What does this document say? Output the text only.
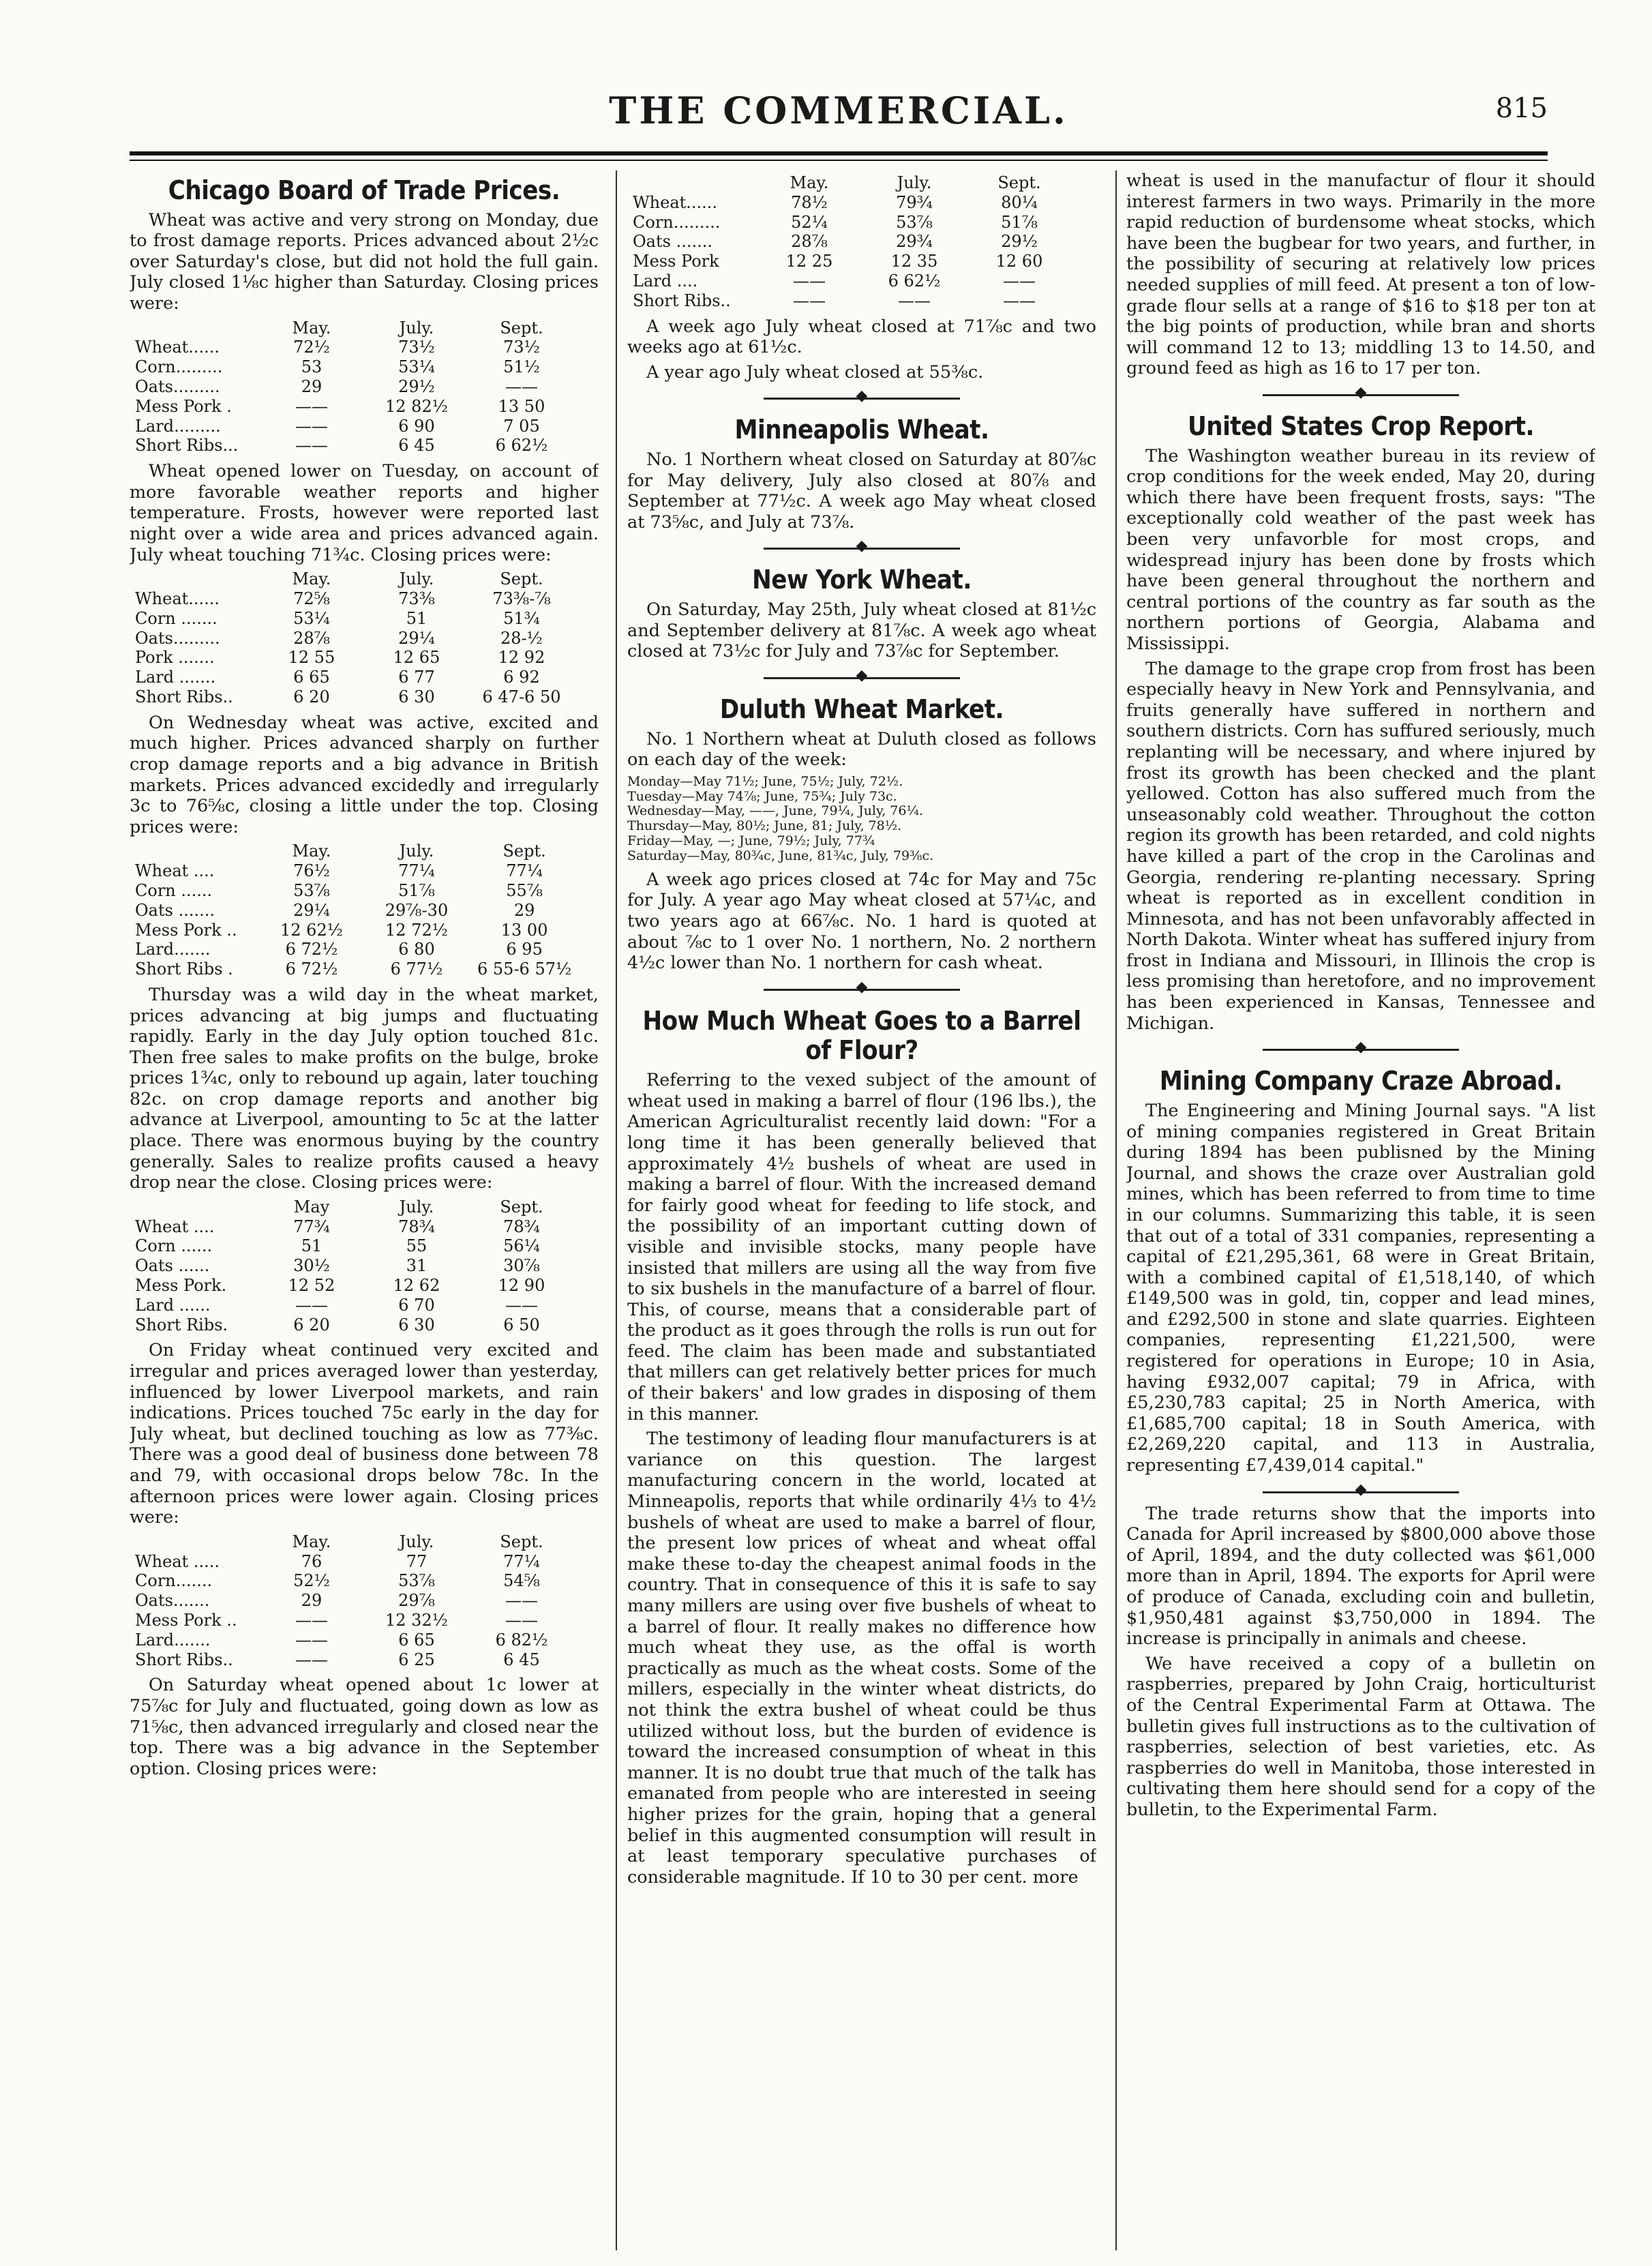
THE COMMERCIAL.	815
Chicago Board of Trade Prices.

Wheat was active and very strong on Monday, due to frost damage reports. Prices advanced about 2½c over Saturday's close, but did not hold the full gain. July closed 1⅛c higher than Saturday. Closing prices were:

	May.	July.	Sept.
Wheat......	72½	73½	73½
Corn.........	53	53¼	51½
Oats.........	29	29½	——
Mess Pork .	——	12 82½	13 50
Lard.........	——	6 90	7 05
Short Ribs...	——	6 45	6 62½

Wheat opened lower on Tuesday, on account of more favorable weather reports and higher temperature. Frosts, however were reported last night over a wide area and prices advanced again. July wheat touching 71¾c. Closing prices were:

	May.	July.	Sept.
Wheat......	72⅝	73⅜	73⅜-⅞
Corn .......	53¼	51	51¾
Oats.........	28⅞	29¼	28-½
Pork .......	12 55	12 65	12 92
Lard .......	6 65	6 77	6 92
Short Ribs..	6 20	6 30	6 47-6 50

On Wednesday wheat was active, excited and much higher. Prices advanced sharply on further crop damage reports and a big advance in British markets. Prices advanced excidedly and irregularly 3c to 76⅝c, closing a little under the top. Closing prices were:

	May.	July.	Sept.
Wheat ....	76½	77¼	77¼
Corn ......	53⅞	51⅞	55⅞
Oats .......	29¼	29⅞-30	29
Mess Pork ..	12 62½	12 72½	13 00
Lard.......	6 72½	6 80	6 95
Short Ribs .	6 72½	6 77½	6 55-6 57½

Thursday was a wild day in the wheat market, prices advancing at big jumps and fluctuating rapidly. Early in the day July option touched 81c. Then free sales to make profits on the bulge, broke prices 1¾c, only to rebound up again, later touching 82c. on crop damage reports and another big advance at Liverpool, amounting to 5c at the latter place. There was enormous buying by the country generally. Sales to realize profits caused a heavy drop near the close. Closing prices were:

	May	July.	Sept.
Wheat ....	77¾	78¾	78¾
Corn ......	51	55	56¼
Oats ......	30½	31	30⅞
Mess Pork.	12 52	12 62	12 90
Lard ......	——	6 70	——
Short Ribs.	6 20	6 30	6 50

On Friday wheat continued very excited and irregular and prices averaged lower than yesterday, influenced by lower Liverpool markets, and rain indications. Prices touched 75c early in the day for July wheat, but declined touching as low as 77⅜c. There was a good deal of business done between 78 and 79, with occasional drops below 78c. In the afternoon prices were lower again. Closing prices were:

	May.	July.	Sept.
Wheat .....	76	77	77¼
Corn.......	52½	53⅞	54⅝
Oats.......	29	29⅞	——
Mess Pork ..	——	12 32½	——
Lard.......	——	6 65	6 82½
Short Ribs..	——	6 25	6 45

On Saturday wheat opened about 1c lower at 75⅞c for July and fluctuated, going down as low as 71⅝c, then advanced irregularly and closed near the top. There was a big advance in the September option. Closing prices were:

	May.	July.	Sept.
Wheat......	78½	79¾	80¼
Corn.........	52¼	53⅞	51⅞
Oats .......	28⅞	29¾	29½
Mess Pork	12 25	12 35	12 60
Lard ....	——	6 62½	——
Short Ribs..	——	——	——

A week ago July wheat closed at 71⅞c and two weeks ago at 61½c.

A year ago July wheat closed at 55⅜c.

◆
Minneapolis Wheat.

No. 1 Northern wheat closed on Saturday at 80⅞c for May delivery, July also closed at 80⅞ and September at 77½c. A week ago May wheat closed at 73⅝c, and July at 73⅞.

◆
New York Wheat.

On Saturday, May 25th, July wheat closed at 81½c and September delivery at 81⅞c. A week ago wheat closed at 73½c for July and 73⅞c for September.

◆
Duluth Wheat Market.

No. 1 Northern wheat at Duluth closed as follows on each day of the week:

Monday—May 71½; June, 75½; July, 72½.
Tuesday—May 74⅞; June, 75¾; July 73c.
Wednesday—May, ——, June, 79¼, July, 76¼.
Thursday—May, 80½; June, 81; July, 78½.
Friday—May, —; June, 79½; July, 77¾
Saturday—May, 80¾c, June, 81¾c, July, 79⅜c.

A week ago prices closed at 74c for May and 75c for July. A year ago May wheat closed at 57¼c, and two years ago at 66⅞c. No. 1 hard is quoted at about ⅞c to 1 over No. 1 northern, No. 2 northern 4½c lower than No. 1 northern for cash wheat.

◆
How Much Wheat Goes to a Barrel of Flour?

Referring to the vexed subject of the amount of wheat used in making a barrel of flour (196 lbs.), the American Agriculturalist recently laid down: "For a long time it has been generally believed that approximately 4½ bushels of wheat are used in making a barrel of flour. With the increased demand for fairly good wheat for feeding to life stock, and the possibility of an important cutting down of visible and invisible stocks, many people have insisted that millers are using all the way from five to six bushels in the manufacture of a barrel of flour. This, of course, means that a considerable part of the product as it goes through the rolls is run out for feed. The claim has been made and substantiated that millers can get relatively better prices for much of their bakers' and low grades in disposing of them in this manner.

The testimony of leading flour manufacturers is at variance on this question. The largest manufacturing concern in the world, located at Minneapolis, reports that while ordinarily 4⅓ to 4½ bushels of wheat are used to make a barrel of flour, the present low prices of wheat and wheat offal make these to-day the cheapest animal foods in the country. That in consequence of this it is safe to say many millers are using over five bushels of wheat to a barrel of flour. It really makes no difference how much wheat they use, as the offal is worth practically as much as the wheat costs. Some of the millers, especially in the winter wheat districts, do not think the extra bushel of wheat could be thus utilized without loss, but the burden of evidence is toward the increased consumption of wheat in this manner. It is no doubt true that much of the talk has emanated from people who are interested in seeing higher prizes for the grain, hoping that a general belief in this augmented consumption will result in at least temporary speculative purchases of considerable magnitude. If 10 to 30 per cent. more

wheat is used in the manufactur of flour it should interest farmers in two ways. Primarily in the more rapid reduction of burdensome wheat stocks, which have been the bugbear for two years, and further, in the possibility of securing at relatively low prices needed supplies of mill feed. At present a ton of low-grade flour sells at a range of $16 to $18 per ton at the big points of production, while bran and shorts will command 12 to 13; middling 13 to 14.50, and ground feed as high as 16 to 17 per ton.

◆
United States Crop Report.

The Washington weather bureau in its review of crop conditions for the week ended, May 20, during which there have been frequent frosts, says: "The exceptionally cold weather of the past week has been very unfavorble for most crops, and widespread injury has been done by frosts which have been general throughout the northern and central portions of the country as far south as the northern portions of Georgia, Alabama and Mississippi.

The damage to the grape crop from frost has been especially heavy in New York and Pennsylvania, and fruits generally have suffered in northern and southern districts. Corn has suffured seriously, much replanting will be necessary, and where injured by frost its growth has been checked and the plant yellowed. Cotton has also suffered much from the unseasonably cold weather. Throughout the cotton region its growth has been retarded, and cold nights have killed a part of the crop in the Carolinas and Georgia, rendering re-planting necessary. Spring wheat is reported as in excellent condition in Minnesota, and has not been unfavorably affected in North Dakota. Winter wheat has suffered injury from frost in Indiana and Missouri, in Illinois the crop is less promising than heretofore, and no improvement has been experienced in Kansas, Tennessee and Michigan.

◆
Mining Company Craze Abroad.

The Engineering and Mining Journal says. "A list of mining companies registered in Great Britain during 1894 has been publisned by the Mining Journal, and shows the craze over Australian gold mines, which has been referred to from time to time in our columns. Summarizing this table, it is seen that out of a total of 331 companies, representing a capital of £21,295,361, 68 were in Great Britain, with a combined capital of £1,518,140, of which £149,500 was in gold, tin, copper and lead mines, and £292,500 in stone and slate quarries. Eighteen companies, representing £1,221,500, were registered for operations in Europe; 10 in Asia, having £932,007 capital; 79 in Africa, with £5,230,783 capital; 25 in North America, with £1,685,700 capital; 18 in South America, with £2,269,220 capital, and 113 in Australia, representing £7,439,014 capital."

◆

The trade returns show that the imports into Canada for April increased by $800,000 above those of April, 1894, and the duty collected was $61,000 more than in April, 1894. The exports for April were of produce of Canada, excluding coin and bulletin, $1,950,481 against $3,750,000 in 1894. The increase is principally in animals and cheese.

We have received a copy of a bulletin on raspberries, prepared by John Craig, horticulturist of the Central Experimental Farm at Ottawa. The bulletin gives full instructions as to the cultivation of raspberries, selection of best varieties, etc. As raspberries do well in Manitoba, those interested in cultivating them here should send for a copy of the bulletin, to the Experimental Farm.
